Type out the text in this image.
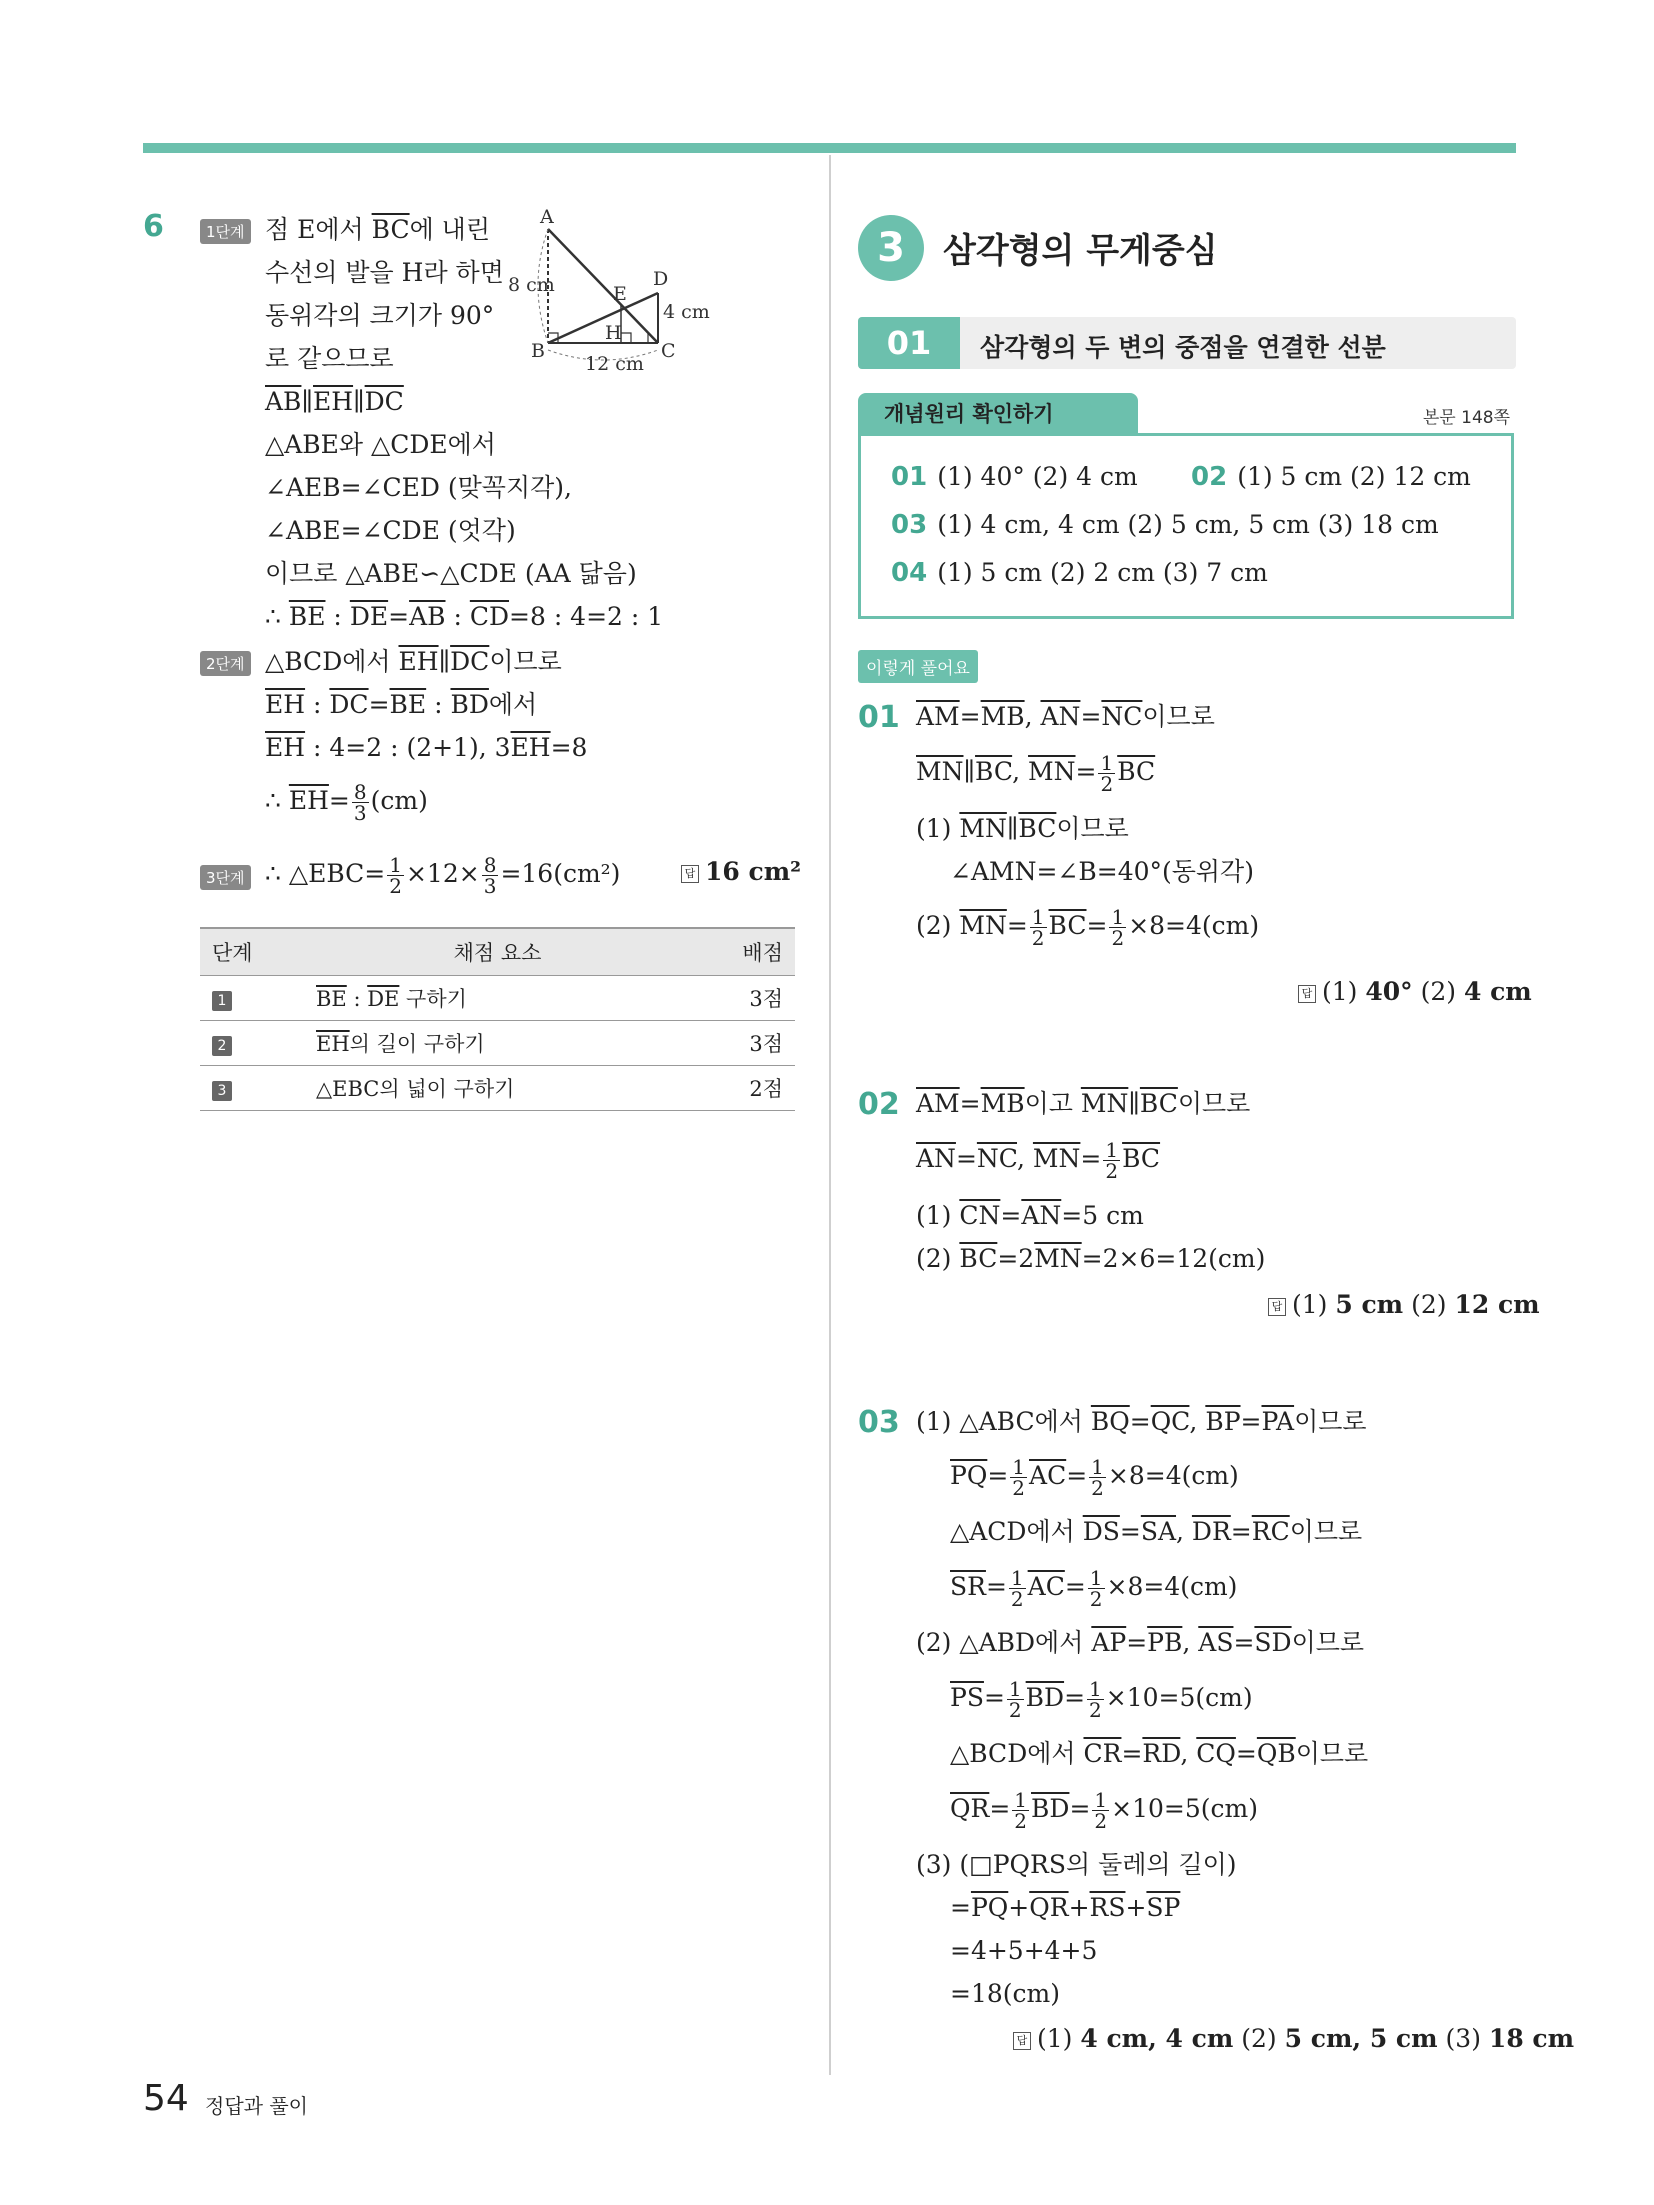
6	1단계 점 E에서 $\overline{BC}$에 내린
수선의 발을 H라 하면
동위각의 크기가 90°
로 같으므로
$\overline{AB}\parallel\overline{EH}\parallel\overline{DC}$
△ABE와 △CDE에서
∠AEB=∠CED (맞꼭지각),
∠ABE=∠CDE (엇각)
이므로 △ABE∽△CDE (AA 닮음)
∴ $\overline{BE}$ : $\overline{DE}=\overline{AB}$ : $\overline{CD}=8$ : 4=2 : 1
A
B	C
D
E
H
8 cm
4 cm
12 cm
2단계 △BCD에서 $\overline{EH}\parallel\overline{DC}$이므로
$\overline{EH}$ : $\overline{DC}=\overline{BE}$ : $\overline{BD}$에서
$\overline{EH}$ : 4=2 : (2+1), $3\overline{EH}=8$
∴ $\overline{EH}= \frac{8}{3} (cm)$
3단계 ∴ △EBC= $\frac{1}{2} \times 12\times \frac{8}{3} =16(cm^2)$	답 16 cm²
단계	채점 요소	배점
1	$\overline{BE}$ : $\overline{DE}$ 구하기	3점
2	$\overline{EH}$의 길이 구하기	3점
3	△EBC의 넓이 구하기	2점
3	삼각형의 무게중심
01	삼각형의 두 변의 중점을 연결한 선분
개념원리 확인하기	본문 148쪽
01 (1) 40° (2) 4 cm 02 (1) 5 cm (2) 12 cm
03 (1) 4 cm, 4 cm (2) 5 cm, 5 cm (3) 18 cm
04 (1) 5 cm (2) 2 cm (3) 7 cm
이렇게 풀어요
01 $\overline{AM}=\overline{MB}$, $\overline{AN}=\overline{NC}$이므로
$\overline{MN}\parallel\overline{BC}$, $\overline{MN}= \frac{1}{2} \overline{BC}$
(1) $\overline{MN}\parallel\overline{BC}$이므로
∠AMN=∠B=40°(동위각)
(2) $\overline{MN}= \frac{1}{2} \overline{BC}= \frac{1}{2} \times 8=4(cm)$
답 (1) 40° (2) 4 cm
02 $\overline{AM}=\overline{MB}$이고 $\overline{MN}\parallel\overline{BC}$이므로
$\overline{AN}=\overline{NC}$, $\overline{MN}= \frac{1}{2} \overline{BC}$
(1) $\overline{CN}=\overline{AN}=5$ cm
(2) $\overline{BC}=2\overline{MN}=2\times 6=12(cm)$
답 (1) 5 cm (2) 12 cm
03 (1) △ABC에서 $\overline{BQ}=\overline{QC}$, $\overline{BP}=\overline{PA}$이므로
$\overline{PQ}= \frac{1}{2} \overline{AC}= \frac{1}{2} \times 8=4(cm)$
△ACD에서 $\overline{DS}=\overline{SA}$, $\overline{DR}=\overline{RC}$이므로
$\overline{SR}= \frac{1}{2} \overline{AC}= \frac{1}{2} \times 8=4(cm)$
(2) △ABD에서 $\overline{AP}=\overline{PB}$, $\overline{AS}=\overline{SD}$이므로
$\overline{PS}= \frac{1}{2} \overline{BD}= \frac{1}{2} \times 10=5(cm)$
△BCD에서 $\overline{CR}=\overline{RD}$, $\overline{CQ}=\overline{QB}$이므로
$\overline{QR}= \frac{1}{2} \overline{BD}= \frac{1}{2} \times 10=5(cm)$
(3) (□PQRS의 둘레의 길이)
$=\overline{PQ}+\overline{QR}+\overline{RS}+\overline{SP}$
=4+5+4+5
=18(cm)
답 (1) 4 cm, 4 cm (2) 5 cm, 5 cm (3) 18 cm
54 정답과 풀이
